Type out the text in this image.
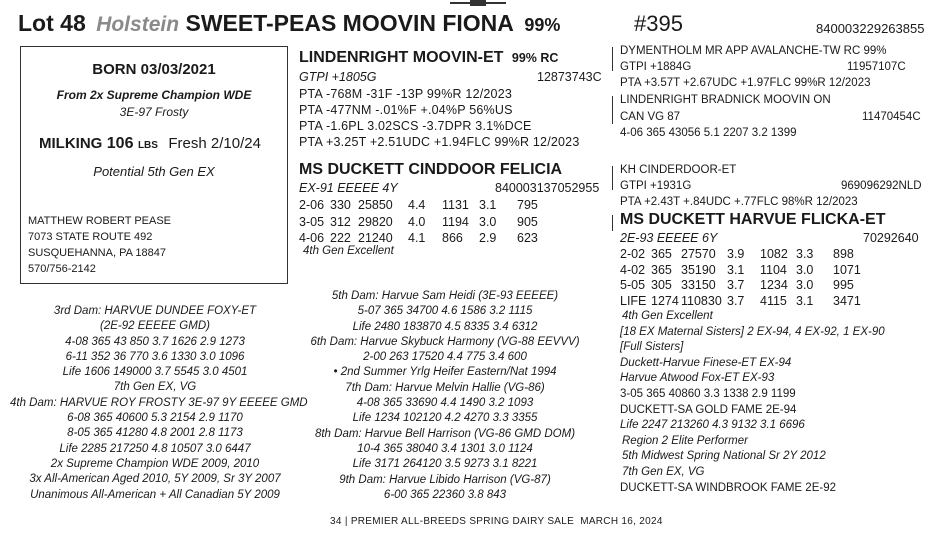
Lot 48 Holstein SWEET-PEAS MOOVIN FIONA 99%	#395	840003229263855
BORN 03/03/2021
From 2x Supreme Champion WDE
3E-97 Frosty
MILKING 106 LBS Fresh 2/10/24
Potential 5th Gen EX
MATTHEW ROBERT PEASE
7073 STATE ROUTE 492
SUSQUEHANNA, PA 18847
570/756-2142
LINDENRIGHT MOOVIN-ET 99% RC
GTPI +1805G	12873743C
PTA -768M -31F -13P 99%R 12/2023
PTA -477NM -.01%F +.04%P 56%US
PTA -1.6PL 3.02SCS -3.7DPR 3.1%DCE
PTA +3.25T +2.51UDC +1.94FLC 99%R 12/2023
MS DUCKETT CINDDOOR FELICIA
EX-91 EEEEE 4Y	840003137052955
2-06 330 25850 4.4 1131 3.1 795
3-05 312 29820 4.0 1194 3.0 905
4-06 222 21240 4.1 866 2.9 623
4th Gen Excellent
DYMENTHOLM MR APP AVALANCHE-TW RC 99%
GTPI +1884G	11957107C
PTA +3.57T +2.67UDC +1.97FLC 99%R 12/2023
LINDENRIGHT BRADNICK MOOVIN ON
CAN VG 87	11470454C
4-06 365 43056 5.1 2207 3.2 1399
KH CINDERDOOR-ET
GTPI +1931G	969096292NLD
PTA +2.43T +.84UDC +.77FLC 98%R 12/2023
MS DUCKETT HARVUE FLICKA-ET
2E-93 EEEEE 6Y	70292640
2-02 365 27570 3.9 1082 3.3 898
4-02 365 35190 3.1 1104 3.0 1071
5-05 305 33150 3.7 1234 3.0 995
LIFE 1274 110830 3.7 4115 3.1 3471
4th Gen Excellent
[18 EX Maternal Sisters] 2 EX-94, 4 EX-92, 1 EX-90
[Full Sisters]
Duckett-Harvue Finese-ET EX-94
Harvue Atwood Fox-ET EX-93
3-05 365 40860 3.3 1338 2.9 1199
DUCKETT-SA GOLD FAME 2E-94
Life 2247 213260 4.3 9132 3.1 6696
Region 2 Elite Performer
5th Midwest Spring National Sr 2Y 2012
7th Gen EX, VG
DUCKETT-SA WINDBROOK FAME 2E-92
3rd Dam: HARVUE DUNDEE FOXY-ET
(2E-92 EEEEE GMD)
4-08 365 43 850 3.7 1626 2.9 1273
6-11 352 36 770 3.6 1330 3.0 1096
Life 1606 149000 3.7 5545 3.0 4501
7th Gen EX, VG
4th Dam: HARVUE ROY FROSTY 3E-97 9Y EEEEE GMD
6-08 365 40600 5.3 2154 2.9 1170
8-05 365 41280 4.8 2001 2.8 1173
Life 2285 217250 4.8 10507 3.0 6447
2x Supreme Champion WDE 2009, 2010
3x All-American Aged 2010, 5Y 2009, Sr 3Y 2007
Unanimous All-American + All Canadian 5Y 2009
5th Dam: Harvue Sam Heidi (3E-93 EEEEE)
5-07 365 34700 4.6 1586 3.2 1115
Life 2480 183870 4.5 8335 3.4 6312
6th Dam: Harvue Skybuck Harmony (VG-88 EEVVV)
2-00 263 17520 4.4 775 3.4 600
• 2nd Summer Yrlg Heifer Eastern/Nat 1994
7th Dam: Harvue Melvin Hallie (VG-86)
4-08 365 33690 4.4 1490 3.2 1093
Life 1234 102120 4.2 4270 3.3 3355
8th Dam: Harvue Bell Harrison (VG-86 GMD DOM)
10-4 365 38040 3.4 1301 3.0 1124
Life 3171 264120 3.5 9273 3.1 8221
9th Dam: Harvue Libido Harrison (VG-87)
6-00 365 22360 3.8 843
34 | PREMIER ALL-BREEDS SPRING DAIRY SALE MARCH 16, 2024
